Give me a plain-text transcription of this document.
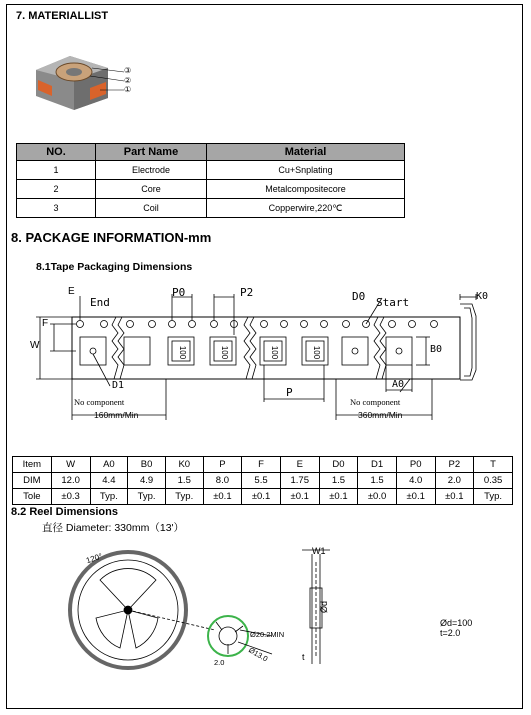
7. MATERIALLIST
③
②
①
NO.	Part Name	Material
1	Electrode	Cu+Snplating
2	Core	Metalcompositecore
3	Coil	Copperwire,220℃
8. PACKAGE INFORMATION-mm
8.1Tape Packaging Dimensions
E
End
F
W
P0	P2	D0 Start	K0
B0
D1
P
A0
No component
160mm/Min
No component
360mm/Min
100	100	100	100
Item	W	A0	B0	K0	P	F	E	D0	D1	P0	P2	T
DIM	12.0	4.4	4.9	1.5	8.0	5.5	1.75	1.5	1.5	4.0	2.0	0.35
Tole	±0.3	Typ.	Typ.	Typ.	±0.1	±0.1	±0.1	±0.1	±0.0	±0.1	±0.1	Typ.
8.2 Reel Dimensions
直径 Diameter: 330mm（13'）
120°
W1
Ød
t
Ø20.2MIN
Ø13.0
2.0
Ød=100
t=2.0
